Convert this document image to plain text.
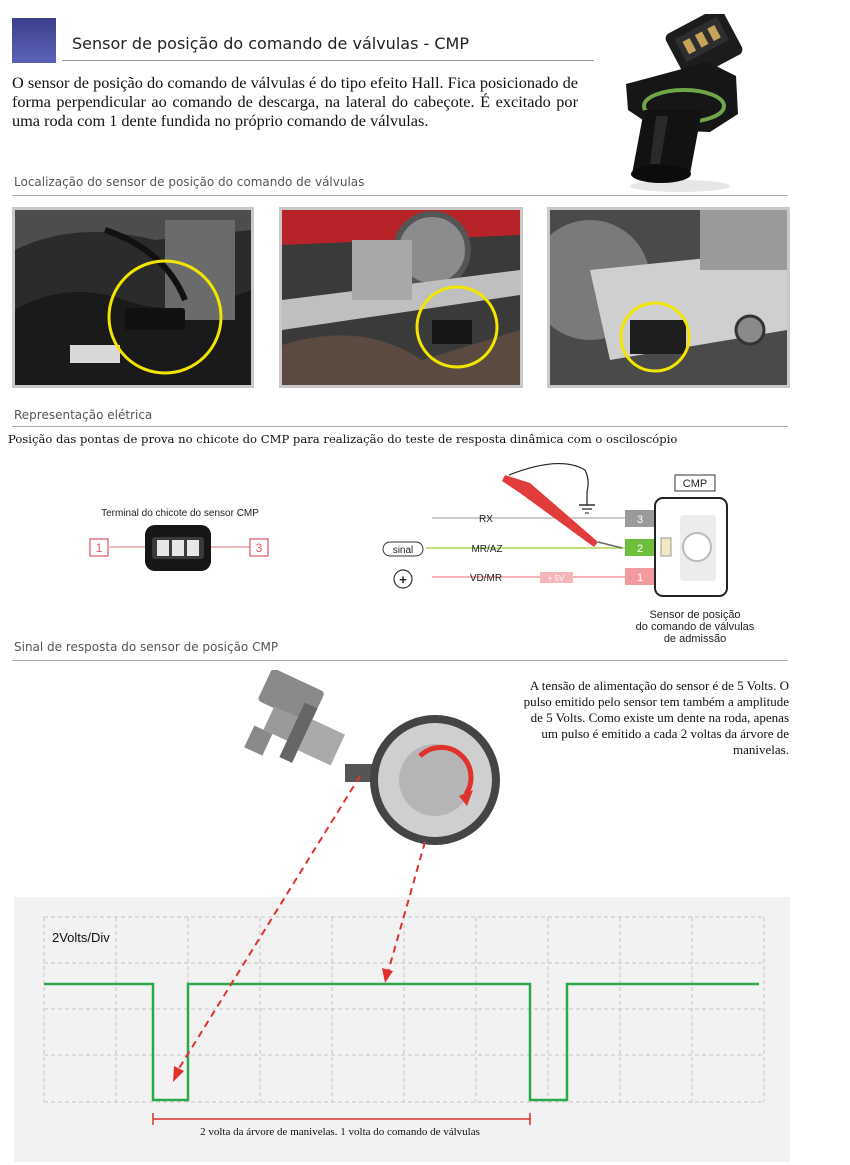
Sensor de posição do comando de válvulas - CMP
O sensor de posição do comando de válvulas é do tipo efeito Hall. Fica posicionado de forma perpendicular ao comando de descarga, na lateral do cabeçote. É excitado por uma roda com 1 dente fundida no próprio comando de válvulas.
Localização do sensor de posição do comando de válvulas
Representação elétrica
Posição das pontas de prova no chicote do CMP para realização do teste de resposta dinâmica com o osciloscópio
Terminal do chicote do sensor CMP
1	3
RX
MR/AZ
VD/MR
sinal
+	+ 5V
3
2
1
CMP
Sensor de posição
do comando de válvulas
de admissão
Sinal de resposta do sensor de posição CMP
A tensão de alimentação do sensor é de 5 Volts. O pulso emitido pelo sensor tem também a amplitude de 5 Volts. Como existe um dente na roda, apenas um pulso é emitido a cada 2 voltas da árvore de manivelas.
2Volts/Div
2 volta da árvore de manivelas. 1 volta do comando de válvulas
